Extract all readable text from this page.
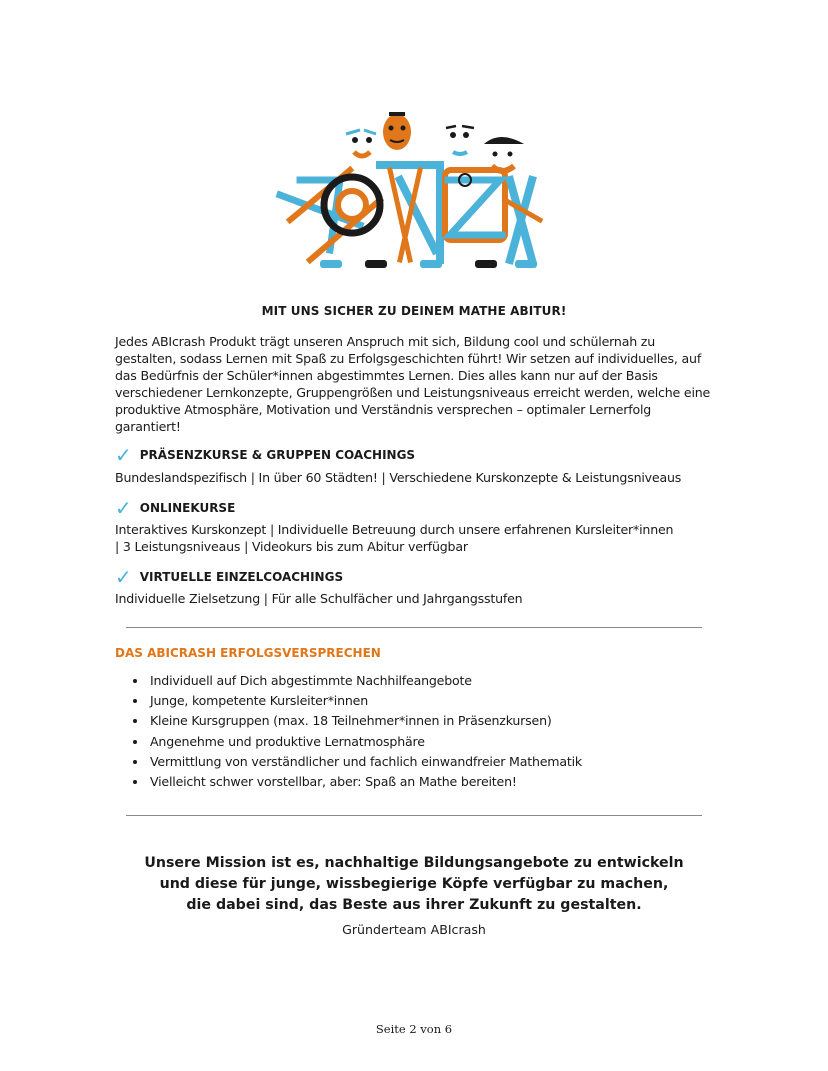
MIT UNS SICHER ZU DEINEM MATHE ABITUR!

Jedes ABIcrash Produkt trägt unseren Anspruch mit sich, Bildung cool und schülernah zu gestalten, sodass Lernen mit Spaß zu Erfolgsgeschichten führt! Wir setzen auf individuelles, auf das Bedürfnis der Schüler*innen abgestimmtes Lernen. Dies alles kann nur auf der Basis verschiedener Lernkonzepte, Gruppengrößen und Leistungsniveaus erreicht werden, welche eine produktive Atmosphäre, Motivation und Verständnis versprechen – optimaler Lernerfolg garantiert!

✓ PRÄSENZKURSE & GRUPPEN COACHINGS

Bundeslandspezifisch | In über 60 Städten! | Verschiedene Kurskonzepte & Leistungsniveaus

✓ ONLINEKURSE

Interaktives Kurskonzept | Individuelle Betreuung durch unsere erfahrenen Kursleiter*innen | 3 Leistungsniveaus | Videokurs bis zum Abitur verfügbar

✓ VIRTUELLE EINZELCOACHINGS

Individuelle Zielsetzung | Für alle Schulfächer und Jahrgangsstufen

DAS ABICRASH ERFOLGSVERSPRECHEN
• Individuell auf Dich abgestimmte Nachhilfeangebote
• Junge, kompetente Kursleiter*innen
• Kleine Kursgruppen (max. 18 Teilnehmer*innen in Präsenzkursen)
• Angenehme und produktive Lernatmosphäre
• Vermittlung von verständlicher und fachlich einwandfreier Mathematik
• Vielleicht schwer vorstellbar, aber: Spaß an Mathe bereiten!
Unsere Mission ist es, nachhaltige Bildungsangebote zu entwickeln
und diese für junge, wissbegierige Köpfe verfügbar zu machen,
die dabei sind, das Beste aus ihrer Zukunft zu gestalten.
Gründerteam ABIcrash
Seite 2 von 6
